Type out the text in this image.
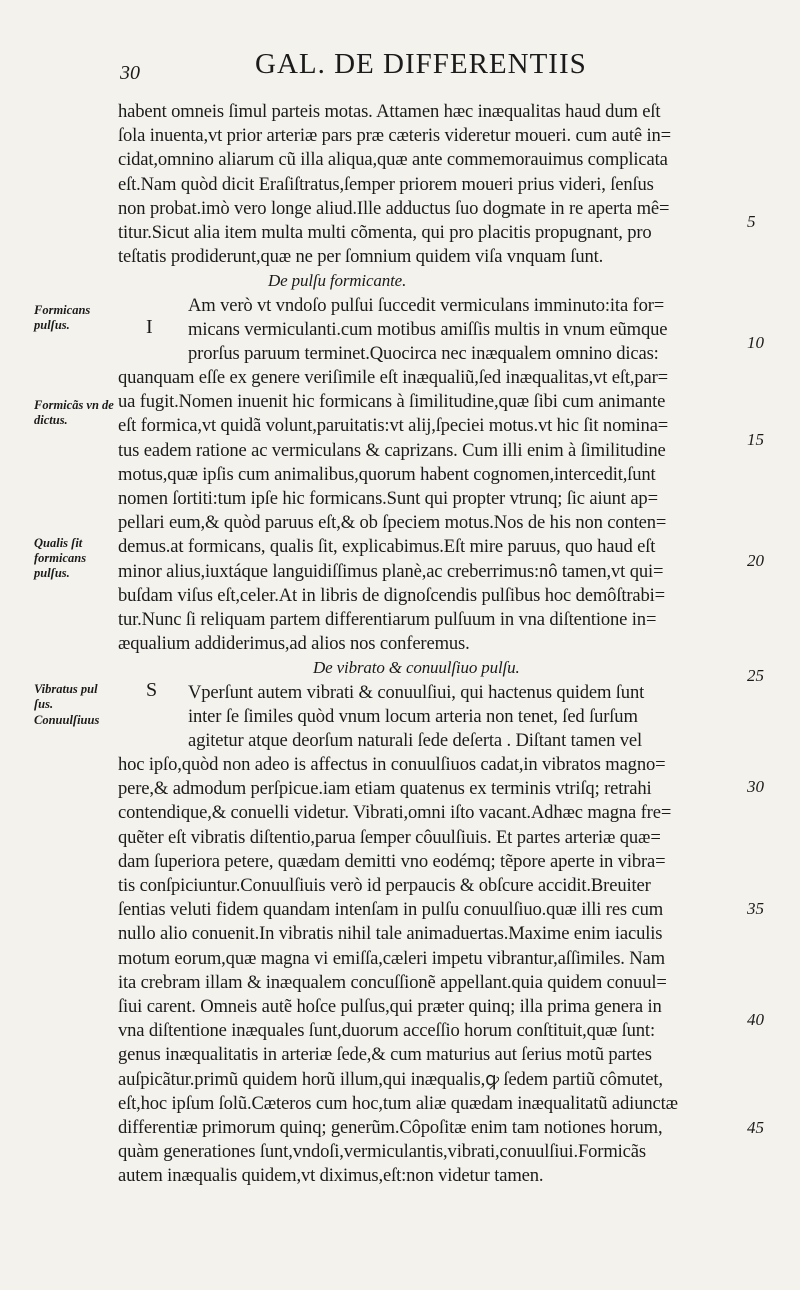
30	GAL. DE DIFFERENTIIS
habent omneis ſimul parteis motas. Attamen hæc inæqualitas haud dum eſt
ſola inuenta,vt prior arteriæ pars præ cæteris videretur moueri. cum autê in=
cidat,omnino aliarum cũ illa aliqua,quæ ante commemorauimus complicata
eſt.Nam quòd dicit Eraſiſtratus,ſemper priorem moueri prius videri, ſenſus
non probat.imò vero longe aliud.Ille adductus ſuo dogmate in re aperta mê=
titur.Sicut alia item multa multi cõmenta, qui pro placitis propugnant, pro
teſtatis prodiderunt,quæ ne per ſomnium quidem viſa vnquam ſunt.
De pulſu formicante.
Am verò vt vndoſo pulſui ſuccedit vermiculans imminuto:ita for=
micans vermiculanti.cum motibus amiſſis multis in vnum eũmque
prorſus paruum terminet.Quocirca nec inæqualem omnino dicas:
quanquam eſſe ex genere veriſimile eſt inæqualiũ,ſed inæqualitas,vt eſt,par=
ua fugit.Nomen inuenit hic formicans à ſimilitudine,quæ ſibi cum animante
eſt formica,vt quidã volunt,paruitatis:vt alij,ſpeciei motus.vt hic ſit nomina=
tus eadem ratione ac vermiculans & caprizans. Cum illi enim à ſimilitudine
motus,quæ ipſis cum animalibus,quorum habent cognomen,intercedit,ſunt
nomen ſortiti:tum ipſe hic formicans.Sunt qui propter vtrunq; ſic aiunt ap=
pellari eum,& quòd paruus eſt,& ob ſpeciem motus.Nos de his non conten=
demus.at formicans, qualis ſit, explicabimus.Eſt mire paruus, quo haud eſt
minor alius,iuxtáque languidiſſimus planè,ac creberrimus:nô tamen,vt qui=
buſdam viſus eſt,celer.At in libris de dignoſcendis pulſibus hoc demôſtrabi=
tur.Nunc ſi reliquam partem differentiarum pulſuum in vna diſtentione in=
æqualium addiderimus,ad alios nos conferemus.
De vibrato & conuulſiuo pulſu.
Vperſunt autem vibrati & conuulſiui, qui hactenus quidem ſunt
inter ſe ſimiles quòd vnum locum arteria non tenet, ſed ſurſum
agitetur atque deorſum naturali ſede deſerta . Diſtant tamen vel
hoc ipſo,quòd non adeo is affectus in conuulſiuos cadat,in vibratos magno=
pere,& admodum perſpicue.iam etiam quatenus ex terminis vtriſq; retrahi
contendique,& conuelli videtur. Vibrati,omni iſto vacant.Adhæc magna fre=
quẽter eſt vibratis diſtentio,parua ſemper côuulſiuis. Et partes arteriæ quæ=
dam ſuperiora petere, quædam demitti vno eodémq; tẽpore aperte in vibra=
tis conſpiciuntur.Conuulſiuis verò id perpaucis & obſcure accidit.Breuiter
ſentias veluti fidem quandam intenſam in pulſu conuulſiuo.quæ illi res cum
nullo alio conuenit.In vibratis nihil tale animaduertas.Maxime enim iaculis
motum eorum,quæ magna vi emiſſa,cæleri impetu vibrantur,aſſimiles. Nam
ita crebram illam & inæqualem concuſſionẽ appellant.quia quidem conuul=
ſiui carent. Omneis autẽ hoſce pulſus,qui præter quinq; illa prima genera in
vna diſtentione inæquales ſunt,duorum acceſſio horum conſtituit,quæ ſunt:
genus inæqualitatis in arteriæ ſede,& cum maturius aut ſerius motũ partes
auſpicãtur.primũ quidem horũ illum,qui inæqualis,ꝙ ſedem partiũ cômutet,
eſt,hoc ipſum ſolũ.Cæteros cum hoc,tum aliæ quædam inæqualitatũ adiunctæ
differentiæ primorum quinq; generũm.Côpoſitæ enim tam notiones horum,
quàm generationes ſunt,vndoſi,vermiculantis,vibrati,conuulſiui.Formicãs
autem inæqualis quidem,vt diximus,eſt:non videtur tamen.
I
S
Formicans pulſus.
Formicãs vn de dictus.
Qualis ſit formicans pulſus.
Vibratus pul ſus.
Conuulſiuus
5
10
15
20
25
30
35
40
45
